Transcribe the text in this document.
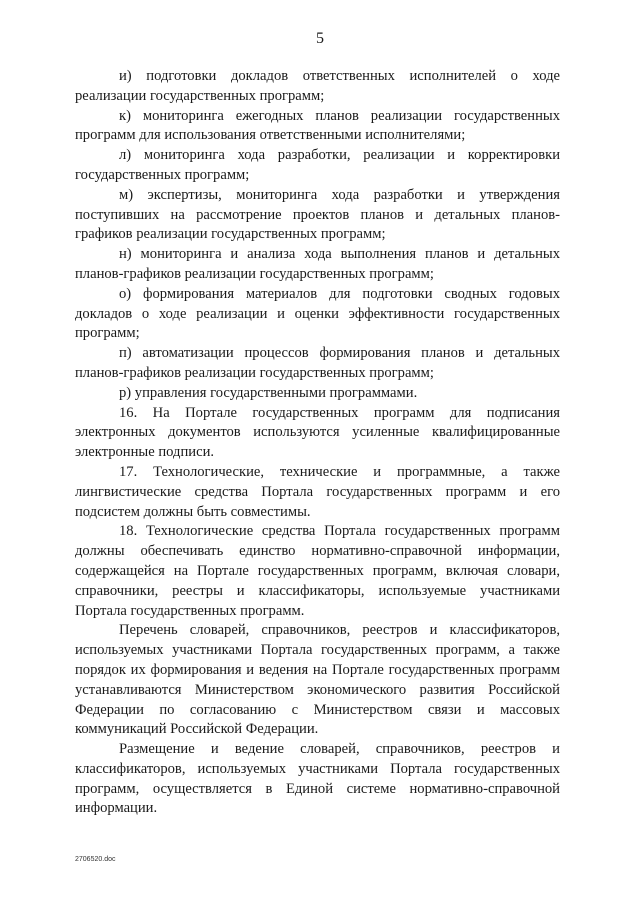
5

и) подготовки докладов ответственных исполнителей о ходе реализации государственных программ;

к) мониторинга ежегодных планов реализации государственных программ для использования ответственными исполнителями;

л) мониторинга хода разработки, реализации и корректировки государственных программ;

м) экспертизы, мониторинга хода разработки и утверждения поступивших на рассмотрение проектов планов и детальных планов-графиков реализации государственных программ;

н) мониторинга и анализа хода выполнения планов и детальных планов-графиков реализации государственных программ;

о) формирования материалов для подготовки сводных годовых докладов о ходе реализации и оценки эффективности государственных программ;

п) автоматизации процессов формирования планов и детальных планов-графиков реализации государственных программ;

р) управления государственными программами.

16. На Портале государственных программ для подписания электронных документов используются усиленные квалифицированные электронные подписи.

17. Технологические, технические и программные, а также лингвистические средства Портала государственных программ и его подсистем должны быть совместимы.

18. Технологические средства Портала государственных программ должны обеспечивать единство нормативно-справочной информации, содержащейся на Портале государственных программ, включая словари, справочники, реестры и классификаторы, используемые участниками Портала государственных программ.

Перечень словарей, справочников, реестров и классификаторов, используемых участниками Портала государственных программ, а также порядок их формирования и ведения на Портале государственных программ устанавливаются Министерством экономического развития Российской Федерации по согласованию с Министерством связи и массовых коммуникаций Российской Федерации.

Размещение и ведение словарей, справочников, реестров и классификаторов, используемых участниками Портала государственных программ, осуществляется в Единой системе нормативно-справочной информации.

2706520.doc
